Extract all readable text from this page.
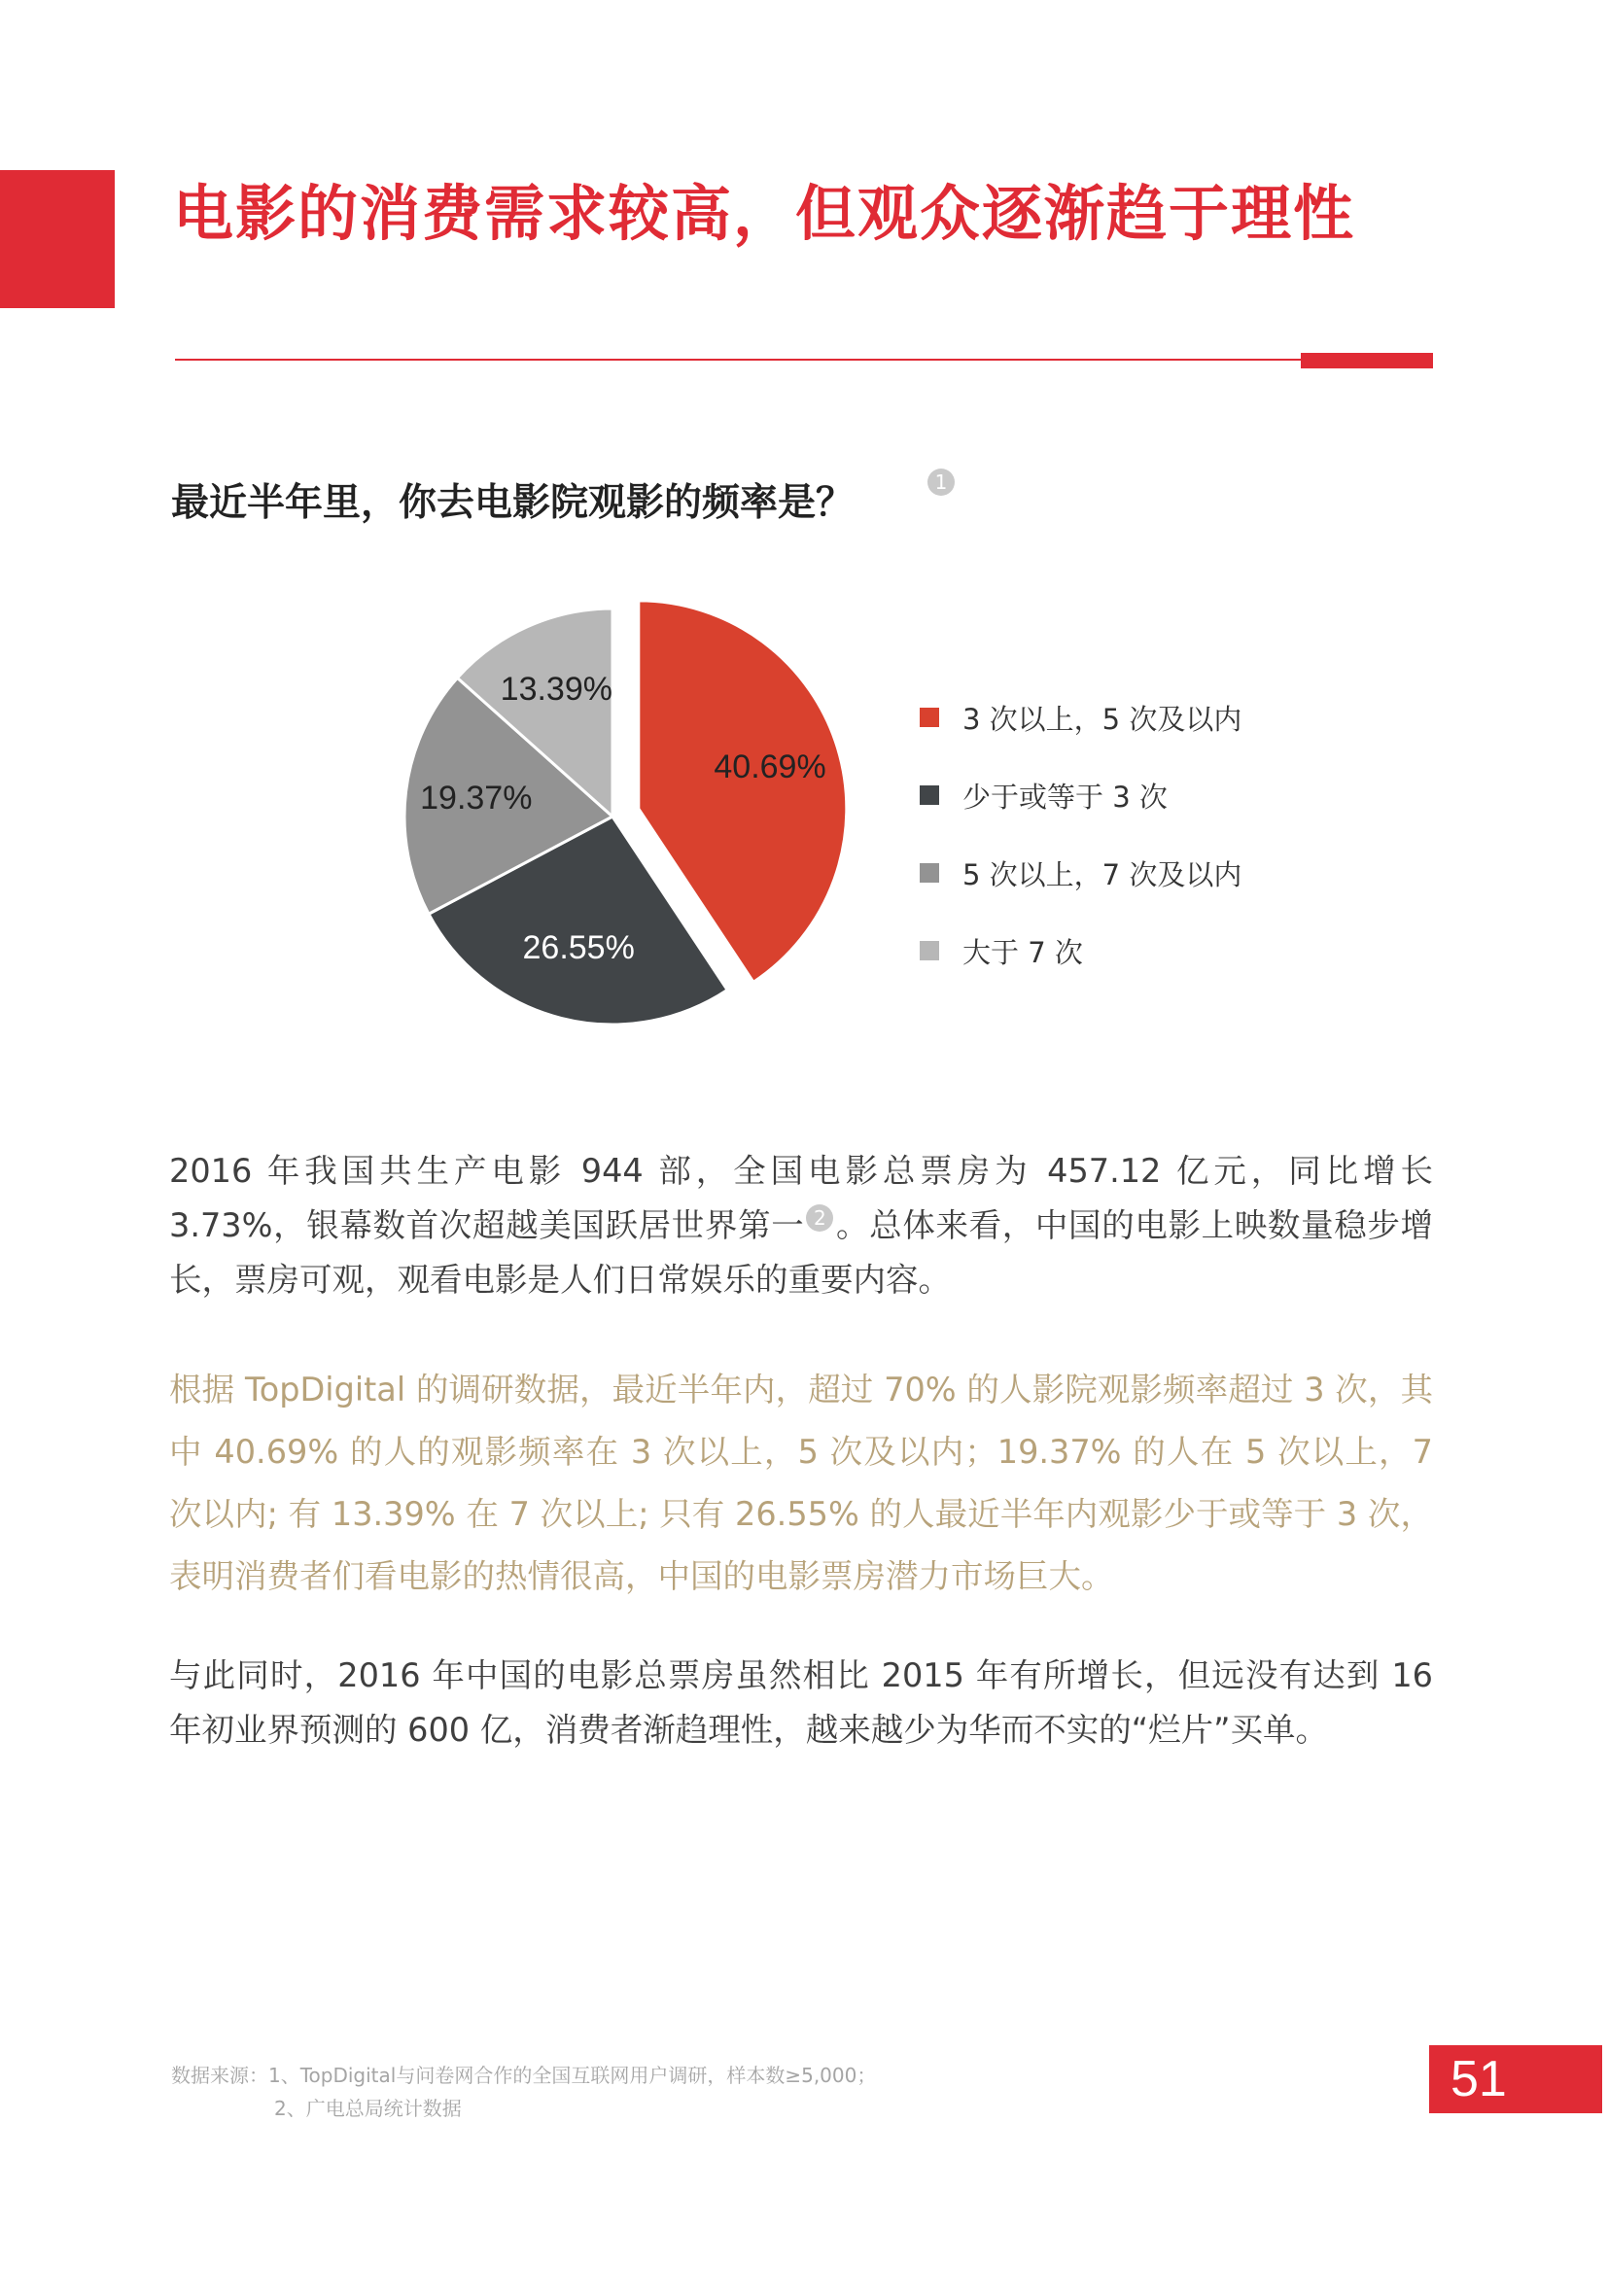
电影的消费需求较高，但观众逐渐趋于理性
最近半年里，你去电影院观影的频率是？	1
40.69%
26.55%
19.37%
13.39%
3 次以上，5 次及以内
少于或等于 3 次
5 次以上，7 次及以内
大于 7 次

2016 年我国共生产电影 944 部，全国电影总票房为 457.12 亿元，同比增长 3.73%，银幕数首次超越美国跃居世界第一 2 。总体来看，中国的电影上映数量稳步增长，票房可观，观看电影是人们日常娱乐的重要内容。

根据 TopDigital 的调研数据，最近半年内，超过 70% 的人影院观影频率超过 3 次，其中 40.69% 的人的观影频率在 3 次以上，5 次及以内；19.37% 的人在 5 次以上，7 次以内; 有 13.39% 在 7 次以上; 只有 26.55% 的人最近半年内观影少于或等于 3 次，表明消费者们看电影的热情很高，中国的电影票房潜力市场巨大。

与此同时，2016 年中国的电影总票房虽然相比 2015 年有所增长，但远没有达到 16 年初业界预测的 600 亿，消费者渐趋理性，越来越少为华而不实的“烂片”买单。

数据来源：1、TopDigital与问卷网合作的全国互联网用户调研，样本数≥5,000；
2、广电总局统计数据

51
